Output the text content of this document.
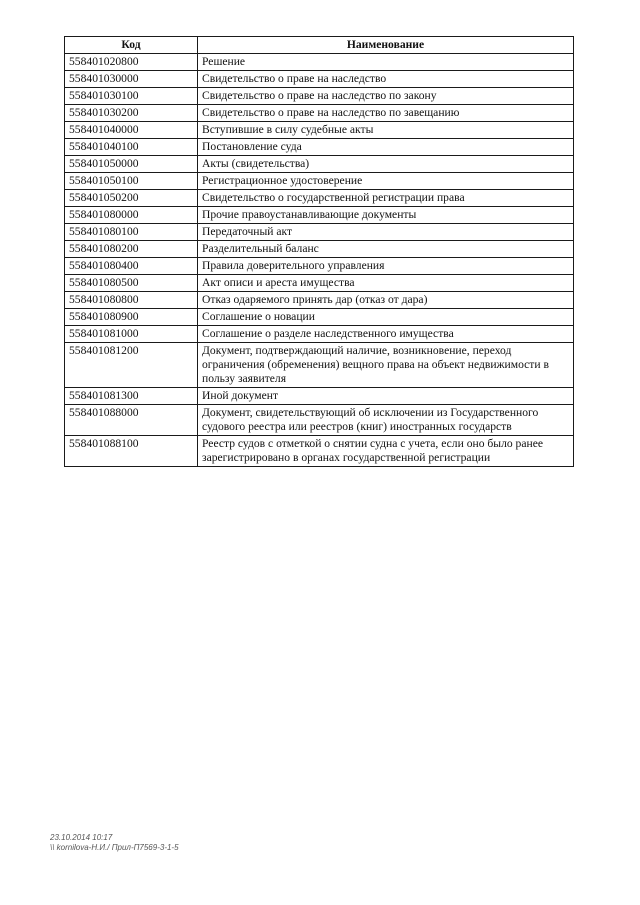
Код	Наименование
558401020800	Решение
558401030000	Свидетельство о праве на наследство
558401030100	Свидетельство о праве на наследство по закону
558401030200	Свидетельство о праве на наследство по завещанию
558401040000	Вступившие в силу судебные акты
558401040100	Постановление суда
558401050000	Акты (свидетельства)
558401050100	Регистрационное удостоверение
558401050200	Свидетельство о государственной регистрации права
558401080000	Прочие правоустанавливающие документы
558401080100	Передаточный акт
558401080200	Разделительный баланс
558401080400	Правила доверительного управления
558401080500	Акт описи и ареста имущества
558401080800	Отказ одаряемого принять дар (отказ от дара)
558401080900	Соглашение о новации
558401081000	Соглашение о разделе наследственного имущества
558401081200	Документ, подтверждающий наличие, возникновение, переход ограничения (обременения) вещного права на объект недвижимости в пользу заявителя
558401081300	Иной документ
558401088000	Документ, свидетельствующий об исключении из Государственного судового реестра или реестров (книг) иностранных государств
558401088100	Реестр судов с отметкой о снятии судна с учета, если оно было ранее зарегистрировано в органах государственной регистрации
23.10.2014 10:17
\\ kornilova-Н.И./ Прил-П7569-3-1-5
